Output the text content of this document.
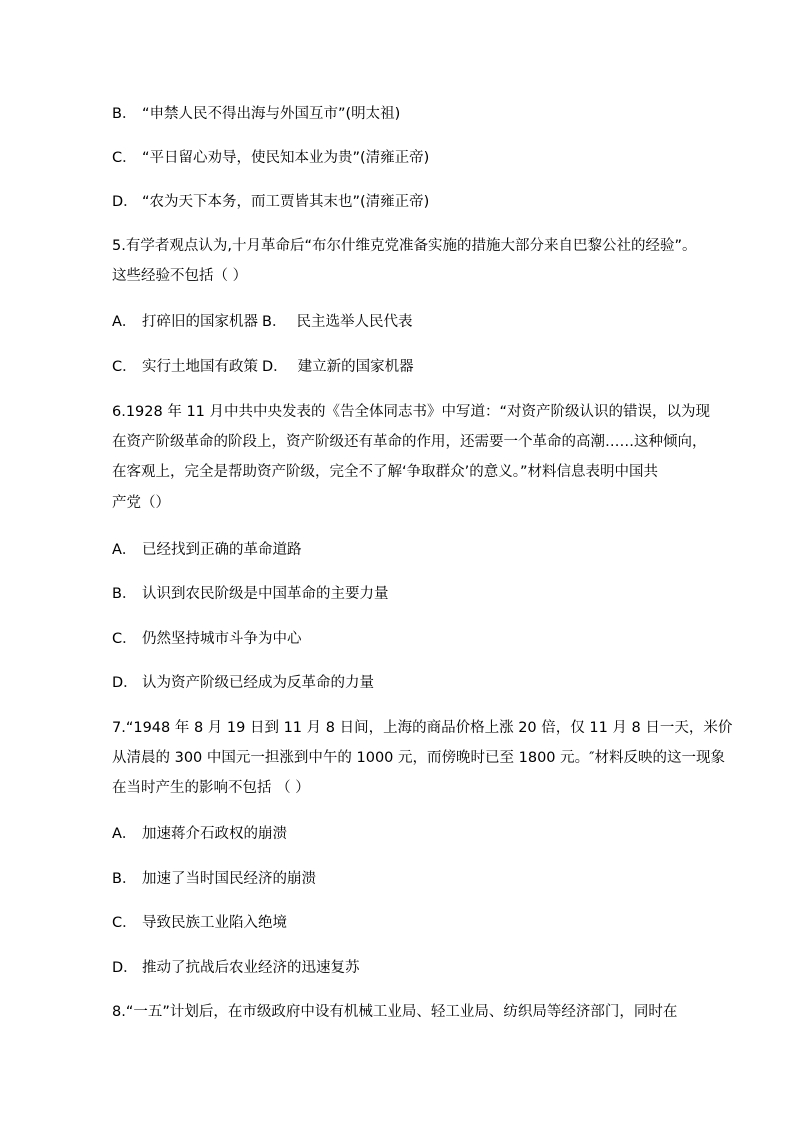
B． “申禁人民不得出海与外国互市”(明太祖)
C． “平日留心劝导，使民知本业为贵”(清雍正帝)
D． “农为天下本务，而工贾皆其末也”(清雍正帝)
5.有学者观点认为,十月革命后“布尔什维克党准备实施的措施大部分来自巴黎公社的经验”。
这些经验不包括（ ）
A． 打碎旧的国家机器 B． 民主选举人民代表
C． 实行土地国有政策 D． 建立新的国家机器
6.1928 年 11 月中共中央发表的《告全体同志书》中写道：“对资产阶级认识的错误，以为现
在资产阶级革命的阶段上，资产阶级还有革命的作用，还需要一个革命的高潮……这种倾向，
在客观上，完全是帮助资产阶级，完全不了解‘争取群众’的意义。”材料信息表明中国共
产党（）
A． 已经找到正确的革命道路
B． 认识到农民阶级是中国革命的主要力量
C． 仍然坚持城市斗争为中心
D． 认为资产阶级已经成为反革命的力量
7.“1948 年 8 月 19 日到 11 月 8 日间，上海的商品价格上涨 20 倍，仅 11 月 8 日一天，米价
从清晨的 300 中国元一担涨到中午的 1000 元，而傍晚时已至 1800 元。″材料反映的这一现象
在当时产生的影响不包括 （ ）
A． 加速蒋介石政权的崩溃
B． 加速了当时国民经济的崩溃
C． 导致民族工业陷入绝境
D． 推动了抗战后农业经济的迅速复苏
8.“一五”计划后，在市级政府中设有机械工业局、轻工业局、纺织局等经济部门，同时在
